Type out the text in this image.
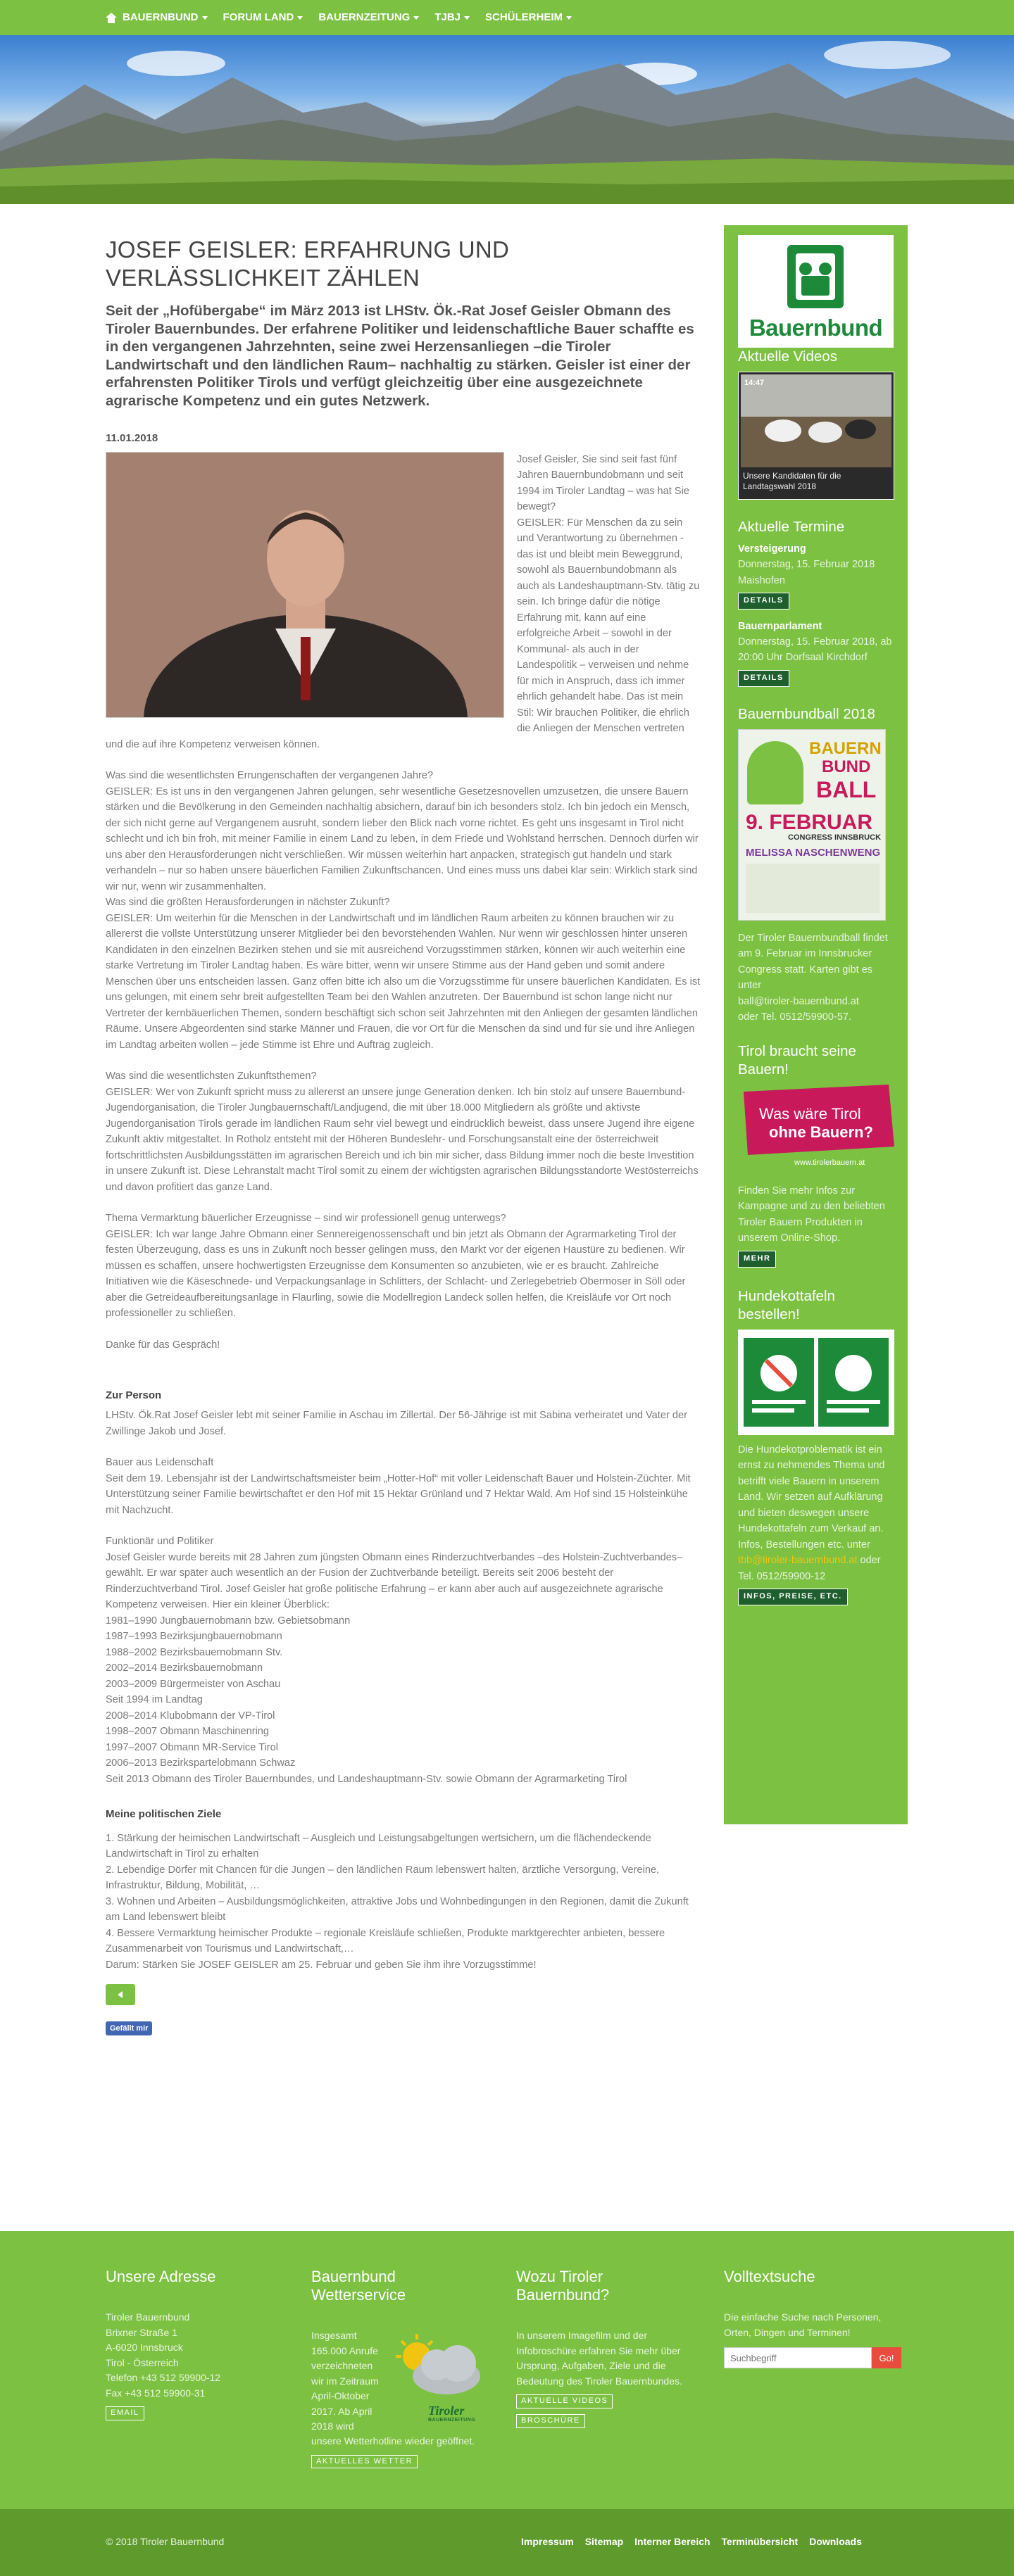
BAUERNBUND FORUM LAND BAUERNZEITUNG TJBJ SCHÜLERHEIM
JOSEF GEISLER: ERFAHRUNG UND VERLÄSSLICHKEIT ZÄHLEN
Seit der „Hofübergabe“ im März 2013 ist LHStv. Ök.-Rat Josef Geisler Obmann des Tiroler Bauernbundes. Der erfahrene Politiker und leidenschaftliche Bauer schaffte es in den vergangenen Jahrzehnten, seine zwei Herzensanliegen –die Tiroler Landwirtschaft und den ländlichen Raum– nachhaltig zu stärken. Geisler ist einer der erfahrensten Politiker Tirols und verfügt gleichzeitig über eine ausgezeichnete agrarische Kompetenz und ein gutes Netzwerk.
11.01.2018
Josef Geisler, Sie sind seit fast fünf Jahren Bauernbundobmann und seit 1994 im Tiroler Landtag – was hat Sie bewegt?
GEISLER: Für Menschen da zu sein und Verantwortung zu übernehmen - das ist und bleibt mein Beweggrund, sowohl als Bauernbundobmann als auch als Landeshauptmann-Stv. tätig zu sein. Ich bringe dafür die nötige Erfahrung mit, kann auf eine erfolgreiche Arbeit – sowohl in der Kommunal- als auch in der Landespolitik – verweisen und nehme für mich in Anspruch, dass ich immer ehrlich gehandelt habe. Das ist mein Stil: Wir brauchen Politiker, die ehrlich die Anliegen der Menschen vertreten und die auf ihre Kompetenz verweisen können.
Was sind die wesentlichsten Errungenschaften der vergangenen Jahre?
GEISLER: Es ist uns in den vergangenen Jahren gelungen, sehr wesentliche Gesetzesnovellen umzusetzen, die unsere Bauern stärken und die Bevölkerung in den Gemeinden nachhaltig absichern, darauf bin ich besonders stolz. Ich bin jedoch ein Mensch, der sich nicht gerne auf Vergangenem ausruht, sondern lieber den Blick nach vorne richtet. Es geht uns insgesamt in Tirol nicht schlecht und ich bin froh, mit meiner Familie in einem Land zu leben, in dem Friede und Wohlstand herrschen. Dennoch dürfen wir uns aber den Herausforderungen nicht verschließen. Wir müssen weiterhin hart anpacken, strategisch gut handeln und stark verhandeln – nur so haben unsere bäuerlichen Familien Zukunftschancen. Und eines muss uns dabei klar sein: Wirklich stark sind wir nur, wenn wir zusammenhalten.
Was sind die größten Herausforderungen in nächster Zukunft?
GEISLER: Um weiterhin für die Menschen in der Landwirtschaft und im ländlichen Raum arbeiten zu können brauchen wir zu allererst die vollste Unterstützung unserer Mitglieder bei den bevorstehenden Wahlen. Nur wenn wir geschlossen hinter unseren Kandidaten in den einzelnen Bezirken stehen und sie mit ausreichend Vorzugsstimmen stärken, können wir auch weiterhin eine starke Vertretung im Tiroler Landtag haben. Es wäre bitter, wenn wir unsere Stimme aus der Hand geben und somit andere Menschen über uns entscheiden lassen. Ganz offen bitte ich also um die Vorzugsstimme für unsere bäuerlichen Kandidaten. Es ist uns gelungen, mit einem sehr breit aufgestellten Team bei den Wahlen anzutreten. Der Bauernbund ist schon lange nicht nur Vertreter der kernbäuerlichen Themen, sondern beschäftigt sich schon seit Jahrzehnten mit den Anliegen der gesamten ländlichen Räume. Unsere Abgeordenten sind starke Männer und Frauen, die vor Ort für die Menschen da sind und für sie und ihre Anliegen im Landtag arbeiten wollen – jede Stimme ist Ehre und Auftrag zugleich.
Was sind die wesentlichsten Zukunftsthemen?
GEISLER: Wer von Zukunft spricht muss zu allererst an unsere junge Generation denken. Ich bin stolz auf unsere Bauernbund-Jugendorganisation, die Tiroler Jungbauernschaft/Landjugend, die mit über 18.000 Mitgliedern als größte und aktivste Jugendorganisation Tirols gerade im ländlichen Raum sehr viel bewegt und eindrücklich beweist, dass unsere Jugend ihre eigene Zukunft aktiv mitgestaltet. In Rotholz entsteht mit der Höheren Bundeslehr- und Forschungsanstalt eine der österreichweit fortschrittlichsten Ausbildungsstätten im agrarischen Bereich und ich bin mir sicher, dass Bildung immer noch die beste Investition in unsere Zukunft ist. Diese Lehranstalt macht Tirol somit zu einem der wichtigsten agrarischen Bildungsstandorte Westösterreichs und davon profitiert das ganze Land.
Thema Vermarktung bäuerlicher Erzeugnisse – sind wir professionell genug unterwegs?
GEISLER: Ich war lange Jahre Obmann einer Sennereigenossenschaft und bin jetzt als Obmann der Agrarmarketing Tirol der festen Überzeugung, dass es uns in Zukunft noch besser gelingen muss, den Markt vor der eigenen Haustüre zu bedienen. Wir müssen es schaffen, unsere hochwertigsten Erzeugnisse dem Konsumenten so anzubieten, wie er es braucht. Zahlreiche Initiativen wie die Käseschnede- und Verpackungsanlage in Schlitters, der Schlacht- und Zerlegebetrieb Obermoser in Söll oder aber die Getreideaufbereitungsanlage in Flaurling, sowie die Modellregion Landeck sollen helfen, die Kreisläufe vor Ort noch professioneller zu schließen.
Danke für das Gespräch!
Zur Person
LHStv. Ök.Rat Josef Geisler lebt mit seiner Familie in Aschau im Zillertal. Der 56-Jährige ist mit Sabina verheiratet und Vater der Zwillinge Jakob und Josef.
Bauer aus Leidenschaft
Seit dem 19. Lebensjahr ist der Landwirtschaftsmeister beim „Hotter-Hof“ mit voller Leidenschaft Bauer und Holstein-Züchter. Mit Unterstützung seiner Familie bewirtschaftet er den Hof mit 15 Hektar Grünland und 7 Hektar Wald. Am Hof sind 15 Holsteinkühe mit Nachzucht.
Funktionär und Politiker
Josef Geisler wurde bereits mit 28 Jahren zum jüngsten Obmann eines Rinderzuchtverbandes –des Holstein-Zuchtverbandes– gewählt. Er war später auch wesentlich an der Fusion der Zuchtverbände beteiligt. Bereits seit 2006 besteht der Rinderzuchtverband Tirol. Josef Geisler hat große politische Erfahrung – er kann aber auch auf ausgezeichnete agrarische Kompetenz verweisen. Hier ein kleiner Überblick:
1981–1990 Jungbauernobmann bzw. Gebietsobmann
1987–1993 Bezirksjungbauernobmann
1988–2002 Bezirksbauernobmann Stv.
2002–2014 Bezirksbauernobmann
2003–2009 Bürgermeister von Aschau
Seit 1994 im Landtag
2008–2014 Klubobmann der VP-Tirol
1998–2007 Obmann Maschinenring
1997–2007 Obmann MR-Service Tirol
2006–2013 Bezirkspartelobmann Schwaz
Seit 2013 Obmann des Tiroler Bauernbundes, und Landeshauptmann-Stv. sowie Obmann der Agrarmarketing Tirol
Meine politischen Ziele
1. Stärkung der heimischen Landwirtschaft – Ausgleich und Leistungsabgeltungen wertsichern, um die flächendeckende Landwirtschaft in Tirol zu erhalten
2. Lebendige Dörfer mit Chancen für die Jungen – den ländlichen Raum lebenswert halten, ärztliche Versorgung, Vereine, Infrastruktur, Bildung, Mobilität, …
3. Wohnen und Arbeiten – Ausbildungsmöglichkeiten, attraktive Jobs und Wohnbedingungen in den Regionen, damit die Zukunft am Land lebenswert bleibt
4. Bessere Vermarktung heimischer Produkte – regionale Kreisläufe schließen, Produkte marktgerechter anbieten, bessere Zusammenarbeit von Tourismus und Landwirtschaft,…
Darum: Stärken Sie JOSEF GEISLER am 25. Februar und geben Sie ihm ihre Vorzugsstimme!
Gefällt mir
Bauernbund
Aktuelle Videos
14:47
Unsere Kandidaten für die Landtagswahl 2018
Aktuelle Termine
Versteigerung
Donnerstag, 15. Februar 2018 Maishofen
DETAILS
Bauernparlament
Donnerstag, 15. Februar 2018, ab 20:00 Uhr Dorfsaal Kirchdorf
DETAILS
Bauernbundball 2018
BAUERN
BUND
BALL
9. FEBRUAR
CONGRESS INNSBRUCK
MELISSA NASCHENWENG
Der Tiroler Bauernbundball findet am 9. Februar im Innsbrucker Congress statt. Karten gibt es unter
ball@tiroler-bauernbund.at
oder Tel. 0512/59900-57.
Tirol braucht seine Bauern!
Was wäre Tirol
ohne Bauern?
www.tirolerbauern.at
Finden Sie mehr Infos zur Kampagne und zu den beliebten Tiroler Bauern Produkten in unserem Online-Shop.
MEHR
Hundekottafeln bestellen!
Die Hundekotproblematik ist ein ernst zu nehmendes Thema und betrifft viele Bauern in unserem Land. Wir setzen auf Aufklärung und bieten deswegen unsere Hundekottafeln zum Verkauf an. Infos, Bestellungen etc. unter tbb@tiroler-bauernbund.at oder Tel. 0512/59900-12
INFOS, PREISE, ETC.
Unsere Adresse
Tiroler Bauernbund
Brixner Straße 1
A-6020 Innsbruck
Tirol - Österreich
Telefon +43 512 59900-12
Fax +43 512 59900-31
EMAIL
Bauernbund Wetterservice
Insgesamt
165.000 Anrufe
verzeichneten
wir im Zeitraum
April-Oktober
2017. Ab April
2018 wird
Tiroler
BAUERNZEITUNG
unsere Wetterhotline wieder geöffnet.
AKTUELLES WETTER
Wozu Tiroler Bauernbund?
In unserem Imagefilm und der Infobroschüre erfahren Sie mehr über Ursprung, Aufgaben, Ziele und die Bedeutung des Tiroler Bauernbundes.
AKTUELLE VIDEOS
BROSCHÜRE
Volltextsuche
Die einfache Suche nach Personen, Orten, Dingen und Terminen!
Suchbegriff
Go!
© 2018 Tiroler Bauernbund	Impressum Sitemap Interner Bereich Terminübersicht Downloads
